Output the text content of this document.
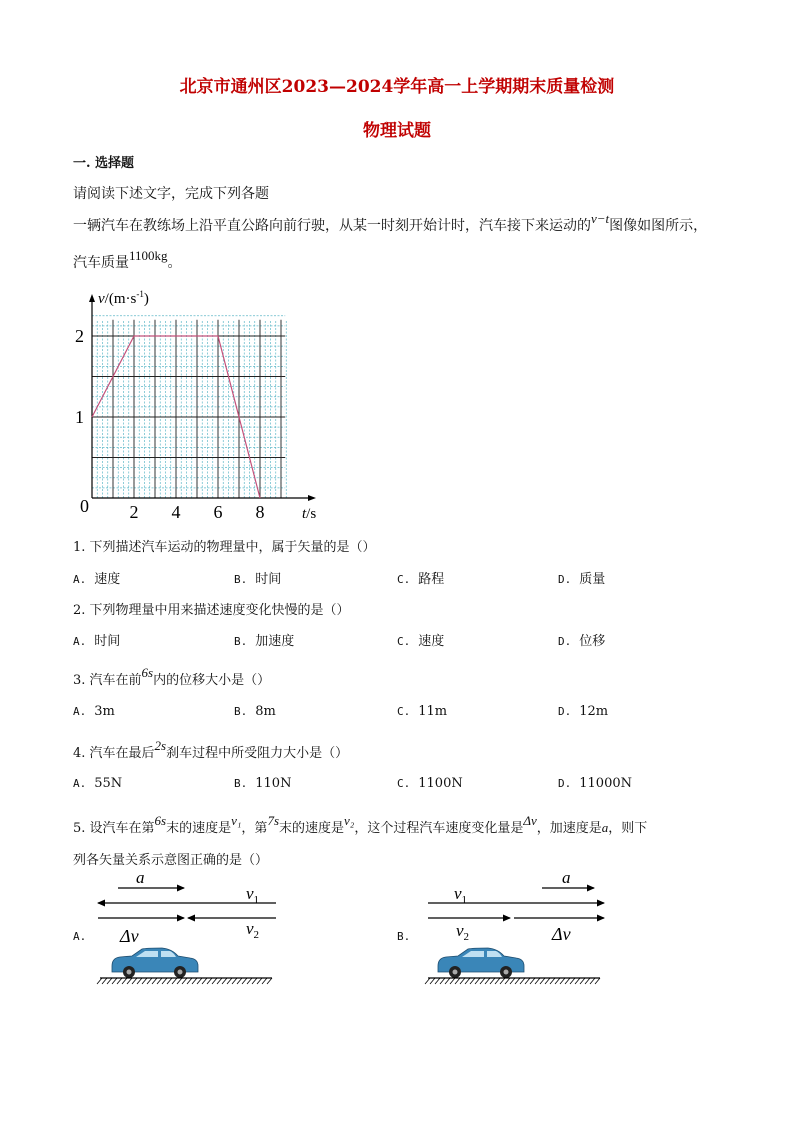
北京市通州区2023—2024学年高一上学期期末质量检测
物理试题
一. 选择题
请阅读下述文字，完成下列各题
一辆汽车在教练场上沿平直公路向前行驶，从某一时刻开始计时，汽车接下来运动的v−t图像如图所示，
汽车质量1100kg。
2 4 6 8
1
2
$v/(m\cdot s^{-1})$
t/s
0
1. 下列描述汽车运动的物理量中，属于矢量的是（）
A. 速度	B. 时间	C. 路程	D. 质量
2. 下列物理量中用来描述速度变化快慢的是（）
A. 时间	B. 加速度	C. 速度	D. 位移
3. 汽车在前6s内的位移大小是（）
A. 3m	B. 8m	C. 11m	D. 12m
4. 汽车在最后2s刹车过程中所受阻力大小是（）
A. 55N	B. 110N	C. 1100N	D. 11000N
5. 设汽车在第6s末的速度是v₁，第7s末的速度是v₂，这个过程汽车速度变化量是Δv，加速度是a，则下
列各矢量关系示意图正确的是（）
A.
a
$v_1$
$v_2$
Δv	B.
a
$v_1$
$v_2$	Δv
